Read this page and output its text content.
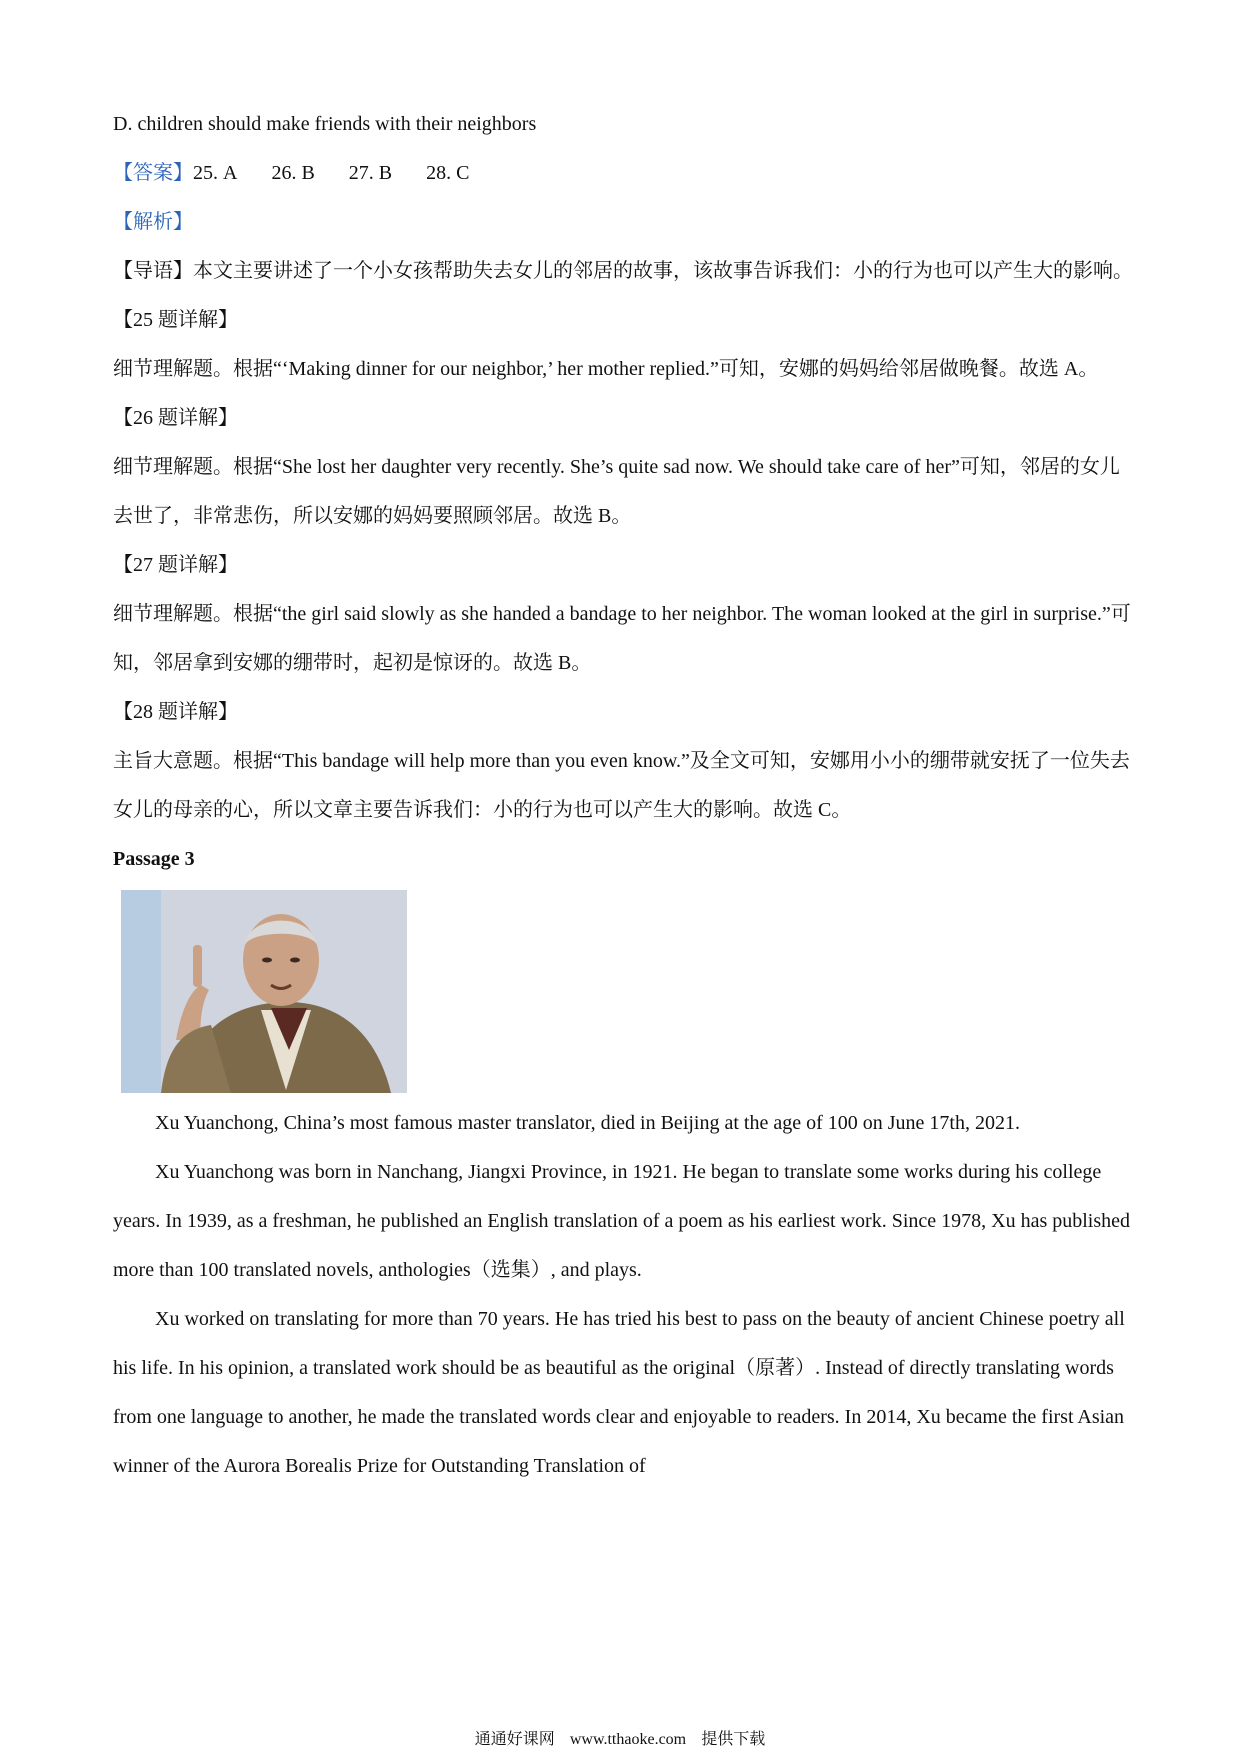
D. children should make friends with their neighbors
【答案】25. A 26. B 27. B 28. C
【解析】
【导语】本文主要讲述了一个小女孩帮助失去女儿的邻居的故事，该故事告诉我们：小的行为也可以产生大的影响。
【25 题详解】
细节理解题。根据“‘Making dinner for our neighbor,’ her mother replied.”可知，安娜的妈妈给邻居做晚餐。故选 A。
【26 题详解】
细节理解题。根据“She lost her daughter very recently. She’s quite sad now. We should take care of her”可知，邻居的女儿去世了，非常悲伤，所以安娜的妈妈要照顾邻居。故选 B。
【27 题详解】
细节理解题。根据“the girl said slowly as she handed a bandage to her neighbor. The woman looked at the girl in surprise.”可知，邻居拿到安娜的绷带时，起初是惊讶的。故选 B。
【28 题详解】
主旨大意题。根据“This bandage will help more than you even know.”及全文可知，安娜用小小的绷带就安抚了一位失去女儿的母亲的心，所以文章主要告诉我们：小的行为也可以产生大的影响。故选 C。
Passage 3
Xu Yuanchong, China’s most famous master translator, died in Beijing at the age of 100 on June 17th, 2021.
Xu Yuanchong was born in Nanchang, Jiangxi Province, in 1921. He began to translate some works during his college years. In 1939, as a freshman, he published an English translation of a poem as his earliest work. Since 1978, Xu has published more than 100 translated novels, anthologies（选集）, and plays.
Xu worked on translating for more than 70 years. He has tried his best to pass on the beauty of ancient Chinese poetry all his life. In his opinion, a translated work should be as beautiful as the original（原著）. Instead of directly translating words from one language to another, he made the translated words clear and enjoyable to readers. In 2014, Xu became the first Asian winner of the Aurora Borealis Prize for Outstanding Translation of
通通好课网 www.tthaoke.com 提供下载
